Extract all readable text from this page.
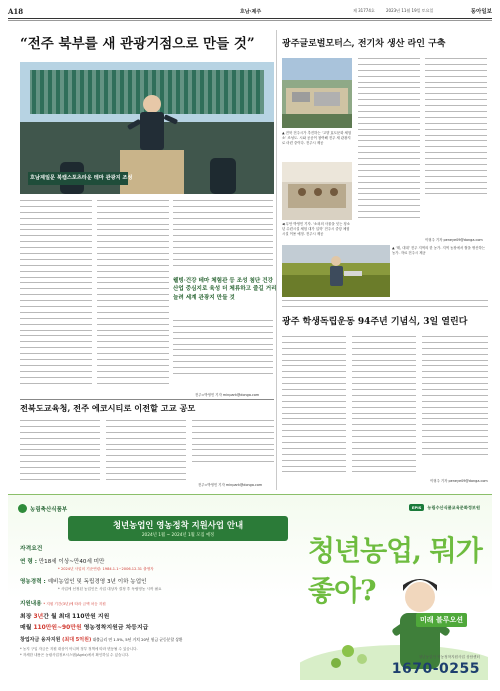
A18	호남·제주	제 31774호	2023년 11월 19일 토요일	동아일보
“전주 북부를 새 관광거점으로 만들 것”
호남제일문 북캠스포츠타운 테마 관광지 조성
웰빙·건강 테마 체험관 등 조성 첨단 건강산업 중심지로 육성 더 체류하고 즐길 거리 늘려 세계 관광지 만들 것
전주=박영민 기자 minpark@donga.com
광주글로벌모터스, 전기차 생산 라인 구축
▲ 전북 전주시가 추진하는 ‘고향 효도문화 체험 소’ 조성도. 시와 공공이 참여해 전주 새 관광지로 마련 중이다. 전주시 제공
◀ 무안 박영민 기자. ‘소외의 사물을 잇는 청소년 수련시설 체험 대가 입학’ 전주시 중앙 체험시설 이용 예정. 전주시 제공
이형주 기자 peneye09@donga.com
▲ ‘태, 대대’ 전주 지역의 한 농가. 지역 농장에서 쌀을 생산하는 농가. 자료 전주시 제공
광주 학생독립운동 94주년 기념식, 3일 열린다
이형주 기자 peneye09@donga.com
전북도교육청, 전주 에코시티로 이전할 고교 공모
전주=박영민 기자 minpark@donga.com
농림축산식품부	EPIS	농림수산식품교육문화정보원
청년농업인 영농정착 지원사업 안내
2024년 1월 ~ 2024년 1월 모집 예정
자격요건
연 령 : 만18세 이상~만40세 미만
* 2024년 사업의 기준연령: 1984.1.1~2006.12.31 출생자
영농경력 : 예비농업인 및 독립경영 3년 이하 농업인
* 사업에 선정된 농업인은 사업 대상자 결정 후 독립영농 시작 필요
지원내용 * 지원 기간(3년)에 따라 금액 차등 지원
최장 3년간 월 최대 110만원 지원
매월 110만원~90만원 영농정착지원금 차등지급
창업자금 융자지원 (최대 5억원) 대출금리 연 1.5%, 5년 거치 20년 원금 균등분할 상환
* 농지 구입 자금은 지원 대상이 아니며 정부 정책에 따라 변동될 수 있습니다.
* 자세한 내용은 농림사업정보시스템(Agrix)에서 확인하실 수 있습니다.
청년농업, 뭐가좋아?
미래 블루오션
청년농업인 영농정착지원사업 상담센터
1670-0255
